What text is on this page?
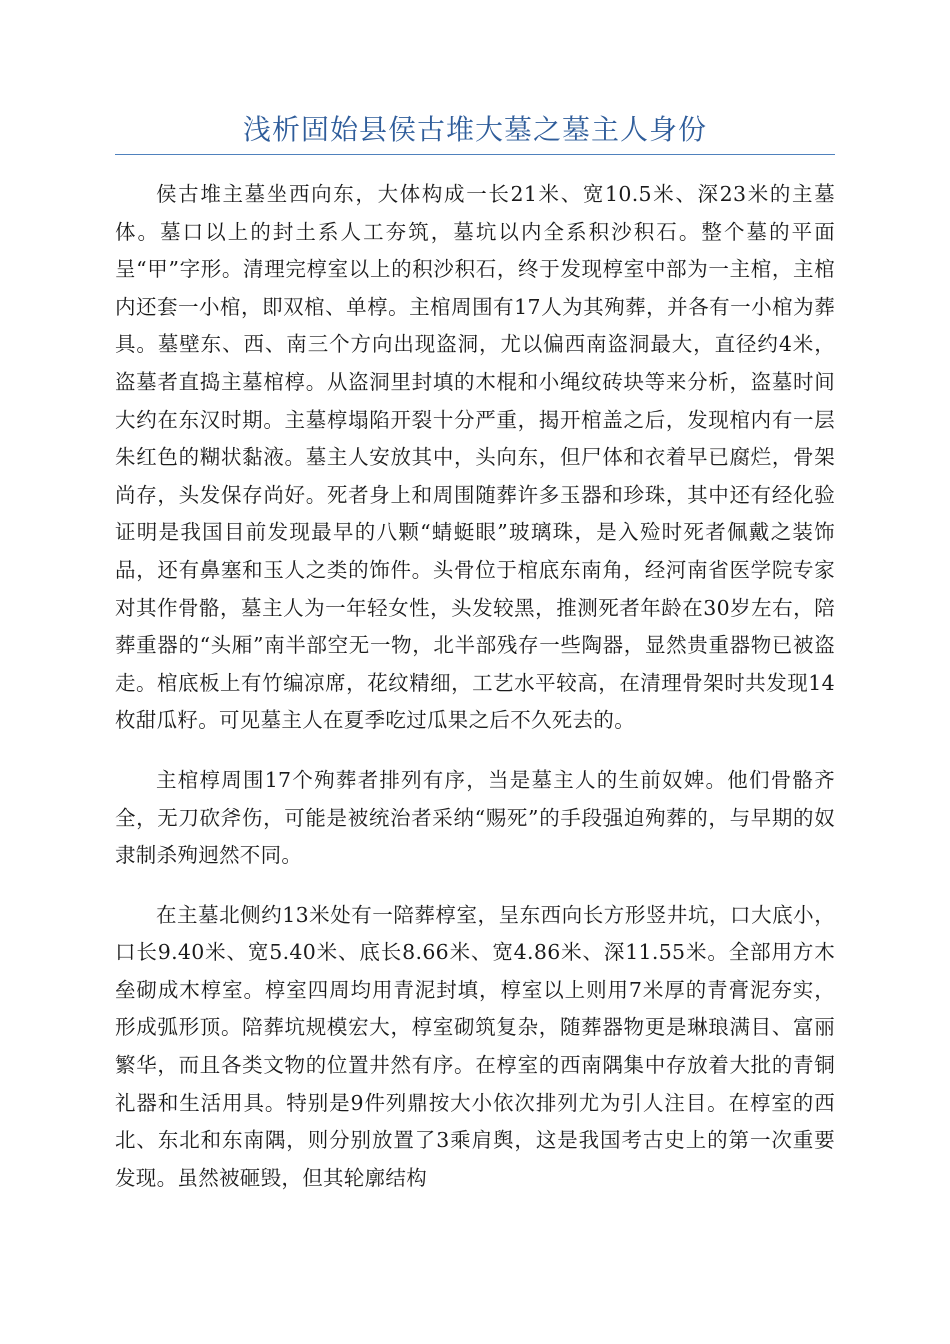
浅析固始县侯古堆大墓之墓主人身份

侯古堆主墓坐西向东，大体构成一长21米、宽10.5米、深23米的主墓体。墓口以上的封土系人工夯筑，墓坑以内全系积沙积石。整个墓的平面呈“甲”字形。清理完椁室以上的积沙积石，终于发现椁室中部为一主棺，主棺内还套一小棺，即双棺、单椁。主棺周围有17人为其殉葬，并各有一小棺为葬具。墓壁东、西、南三个方向出现盗洞，尤以偏西南盗洞最大，直径约4米，盗墓者直捣主墓棺椁。从盗洞里封填的木棍和小绳纹砖块等来分析，盗墓时间大约在东汉时期。主墓椁塌陷开裂十分严重，揭开棺盖之后，发现棺内有一层朱红色的糊状黏液。墓主人安放其中，头向东，但尸体和衣着早已腐烂，骨架尚存，头发保存尚好。死者身上和周围随葬许多玉器和珍珠，其中还有经化验证明是我国目前发现最早的八颗“蜻蜓眼”玻璃珠，是入殓时死者佩戴之装饰品，还有鼻塞和玉人之类的饰件。头骨位于棺底东南角，经河南省医学院专家对其作骨骼，墓主人为一年轻女性，头发较黑，推测死者年龄在30岁左右，陪葬重器的“头厢”南半部空无一物，北半部残存一些陶器，显然贵重器物已被盗走。棺底板上有竹编凉席，花纹精细，工艺水平较高，在清理骨架时共发现14枚甜瓜籽。可见墓主人在夏季吃过瓜果之后不久死去的。

主棺椁周围17个殉葬者排列有序，当是墓主人的生前奴婢。他们骨骼齐全，无刀砍斧伤，可能是被统治者采纳“赐死”的手段强迫殉葬的，与早期的奴隶制杀殉迥然不同。

在主墓北侧约13米处有一陪葬椁室，呈东西向长方形竖井坑，口大底小，口长9.40米、宽5.40米、底长8.66米、宽4.86米、深11.55米。全部用方木垒砌成木椁室。椁室四周均用青泥封填，椁室以上则用7米厚的青膏泥夯实，形成弧形顶。陪葬坑规模宏大，椁室砌筑复杂，随葬器物更是琳琅满目、富丽繁华，而且各类文物的位置井然有序。在椁室的西南隅集中存放着大批的青铜礼器和生活用具。特别是9件列鼎按大小依次排列尤为引人注目。在椁室的西北、东北和东南隅，则分别放置了3乘肩舆，这是我国考古史上的第一次重要发现。虽然被砸毁，但其轮廓结构
